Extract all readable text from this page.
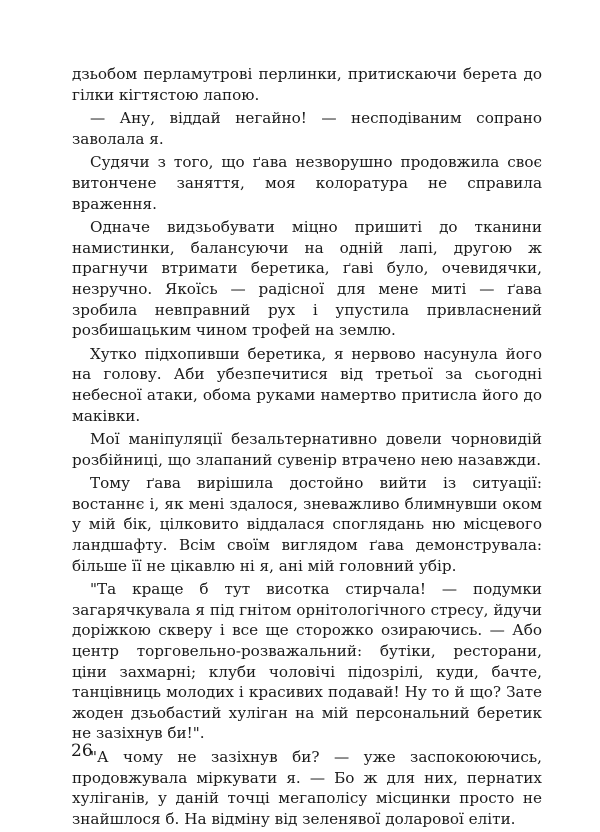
дзьобом перламутрові перлинки, притискаючи берета до гілки кігтястою лапою.

— Ану, віддай негайно! — несподіваним сопрано заволала я.

Судячи з того, що ґава незворушно продовжила своє витончене заняття, моя колоратура не справила враження.

Одначе видзьобувати міцно пришиті до тканини намистинки, балансуючи на одній лапі, другою ж прагнучи втримати беретика, ґаві було, очевидячки, незручно. Якоїсь — радісної для мене миті — ґава зробила невправний рух і упустила привласнений розбишацьким чином трофей на землю.

Хутко підхопивши беретика, я нервово насунула його на голову. Аби убезпечитися від третьої за сьогодні небесної атаки, обома руками намертво притисла його до маківки.

Мої маніпуляції безальтернативно довели чорновидій розбійниці, що злапаний сувенір втрачено нею назавжди.

Тому ґава вирішила достойно вийти із ситуації: востаннє і, як мені здалося, зневажливо блимнувши оком у мій бік, цілковито віддалася споглядань ню місцевого ландшафту. Всім своїм виглядом ґава демонструвала: більше її не цікавлю ні я, ані мій головний убір.

"Та краще б тут висотка стирчала! — подумки загарячкувала я під гнітом орнітологічного стресу, йдучи доріжкою скверу і все ще сторожко озираючись. — Або центр торговельно-розважальний: бутіки, ресторани, ціни захмарні; клуби чоловічі підозрілі, куди, бачте, танцівниць молодих і красивих подавай! Ну то й що? Зате жоден дзьобастий хуліган на мій персональний беретик не зазіхнув би!".

"А чому не зазіхнув би? — уже заспокоюючись, продовжувала міркувати я. — Бо ж для них, пернатих хуліганів, у даній точці мегаполісу місцинки просто не знайшлося б. На відміну від зеленявої доларової еліти.

26
